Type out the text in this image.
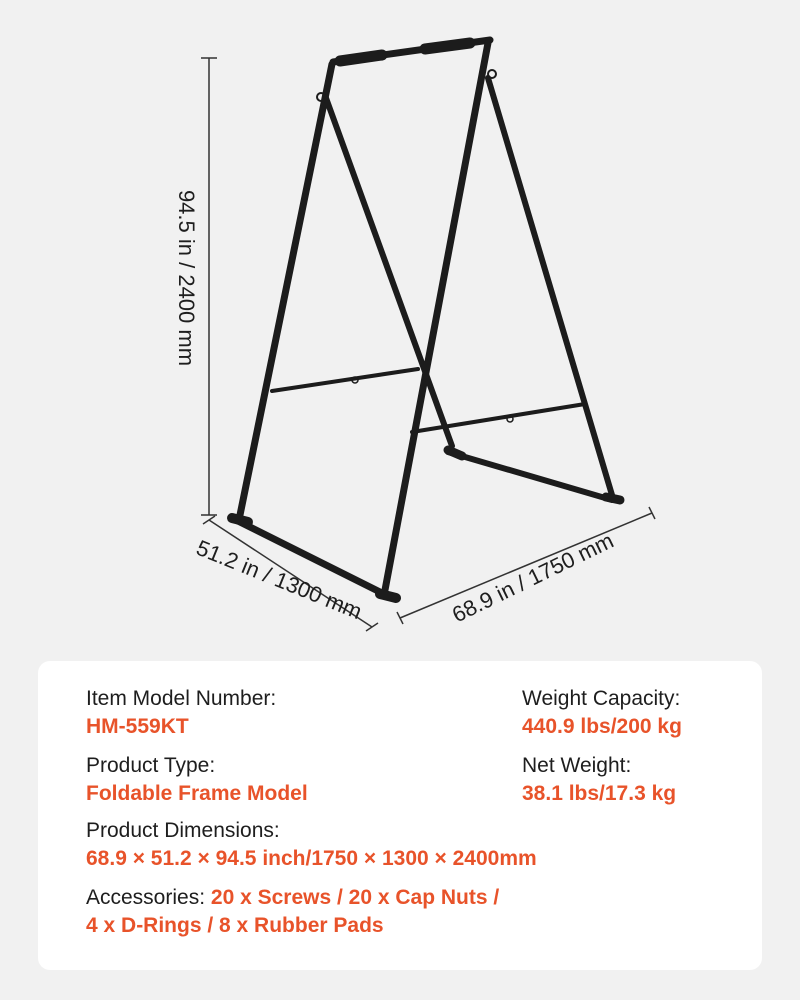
94.5 in / 2400 mm
51.2 in / 1300 mm	68.9 in / 1750 mm
Item Model Number:
HM-559KT
Weight Capacity:
440.9 lbs/200 kg
Product Type:
Foldable Frame Model
Net Weight:
38.1 lbs/17.3 kg
Product Dimensions:
68.9 × 51.2 × 94.5 inch/1750 × 1300 × 2400mm
Accessories: 20 x Screws / 20 x Cap Nuts /
4 x D-Rings / 8 x Rubber Pads
